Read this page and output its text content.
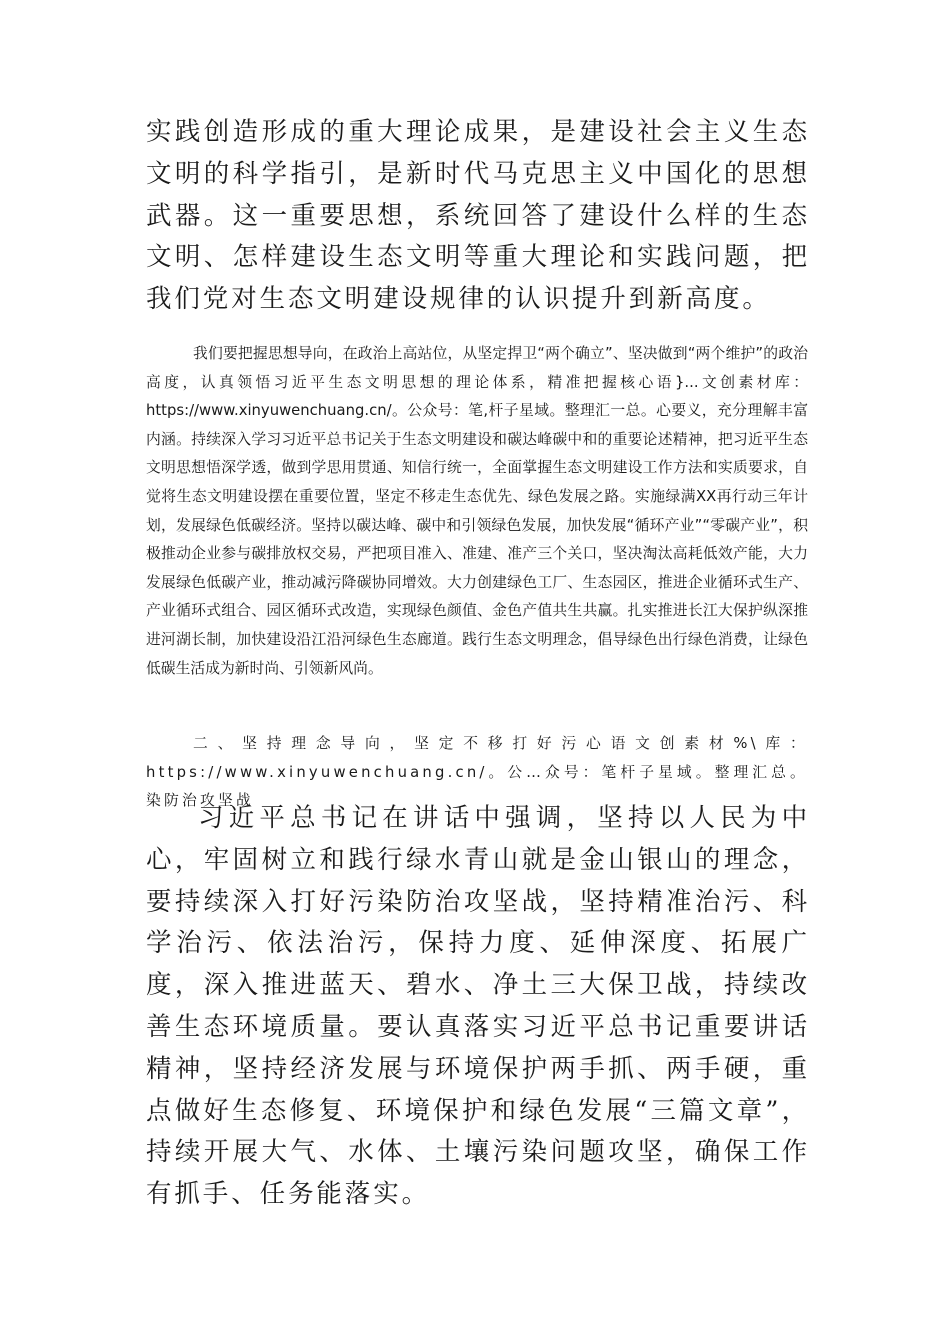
实践创造形成的重大理论成果，是建设社会主义生态文明的科学指引，是新时代马克思主义中国化的思想武器。这一重要思想，系统回答了建设什么样的生态文明、怎样建设生态文明等重大理论和实践问题，把我们党对生态文明建设规律的认识提升到新高度。

我们要把握思想导向，在政治上高站位，从坚定捍卫“两个确立”、坚决做到“两个维护”的政治高度，认真领悟习近平生态文明思想的理论体系，精准把握核心语}...文创素材库：https://www.xinyuwenchuang.cn/。公众号：笔,杆子星域。整理汇一总。心要义，充分理解丰富内涵。持续深入学习习近平总书记关于生态文明建设和碳达峰碳中和的重要论述精神，把习近平生态文明思想悟深学透，做到学思用贯通、知信行统一，全面掌握生态文明建设工作方法和实质要求，自觉将生态文明建设摆在重要位置，坚定不移走生态优先、绿色发展之路。实施绿满XX再行动三年计划，发展绿色低碳经济。坚持以碳达峰、碳中和引领绿色发展，加快发展“循环产业”“零碳产业”，积极推动企业参与碳排放权交易，严把项目准入、准建、准产三个关口，坚决淘汰高耗低效产能，大力发展绿色低碳产业，推动减污降碳协同增效。大力创建绿色工厂、生态园区，推进企业循环式生产、产业循环式组合、园区循环式改造，实现绿色颜值、金色产值共生共赢。扎实推进长江大保护纵深推进河湖长制，加快建设沿江沿河绿色生态廊道。践行生态文明理念，倡导绿色出行绿色消费，让绿色低碳生活成为新时尚、引领新风尚。

二、坚持理念导向，坚定不移打好污心语文创素材%\库：https://www.xinyuwenchuang.cn/。公…众号：笔杆子星域。整理汇总。染防治攻坚战

习近平总书记在讲话中强调，坚持以人民为中心，牢固树立和践行绿水青山就是金山银山的理念，要持续深入打好污染防治攻坚战，坚持精准治污、科学治污、依法治污，保持力度、延伸深度、拓展广度，深入推进蓝天、碧水、净土三大保卫战，持续改善生态环境质量。要认真落实习近平总书记重要讲话精神，坚持经济发展与环境保护两手抓、两手硬，重点做好生态修复、环境保护和绿色发展“三篇文章”，持续开展大气、水体、土壤污染问题攻坚，确保工作有抓手、任务能落实。
